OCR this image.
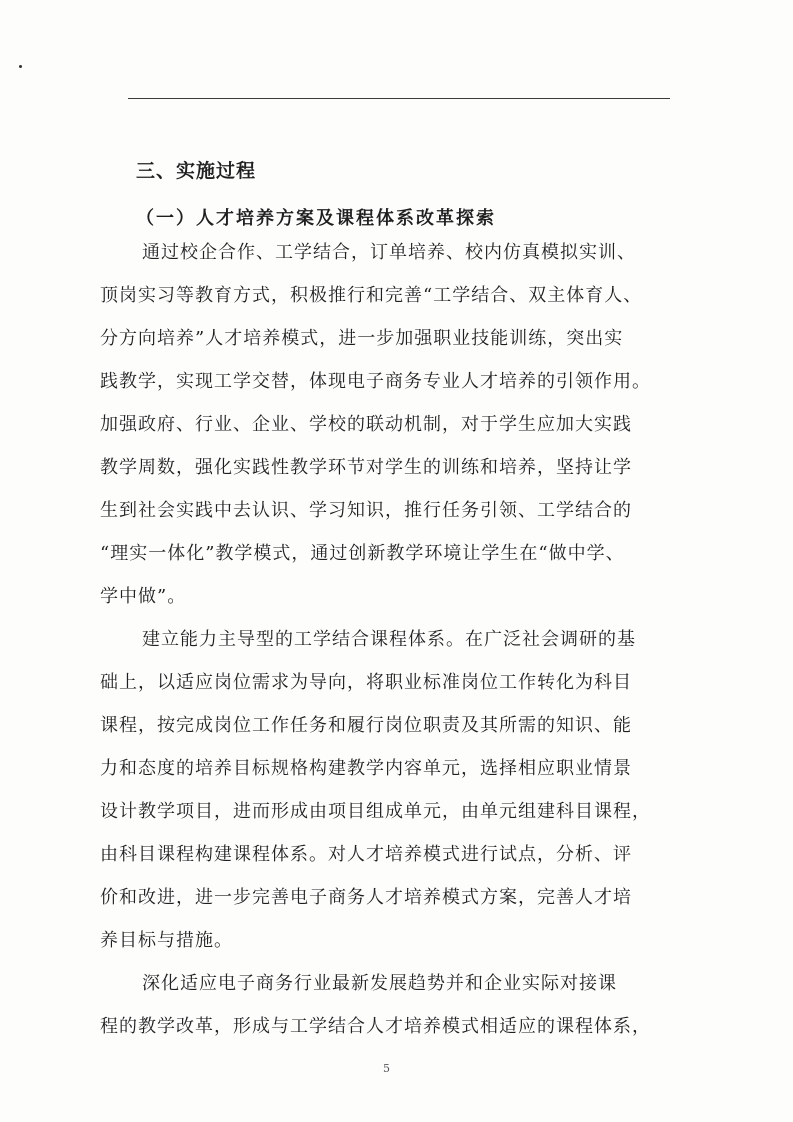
三、实施过程
（一）人才培养方案及课程体系改革探索
通过校企合作、工学结合，订单培养、校内仿真模拟实训、
顶岗实习等教育方式，积极推行和完善“工学结合、双主体育人、
分方向培养”人才培养模式，进一步加强职业技能训练，突出实
践教学，实现工学交替，体现电子商务专业人才培养的引领作用。
加强政府、行业、企业、学校的联动机制，对于学生应加大实践
教学周数，强化实践性教学环节对学生的训练和培养，坚持让学
生到社会实践中去认识、学习知识，推行任务引领、工学结合的
“理实一体化”教学模式，通过创新教学环境让学生在“做中学、
学中做”。
建立能力主导型的工学结合课程体系。在广泛社会调研的基
础上，以适应岗位需求为导向，将职业标准岗位工作转化为科目
课程，按完成岗位工作任务和履行岗位职责及其所需的知识、能
力和态度的培养目标规格构建教学内容单元，选择相应职业情景
设计教学项目，进而形成由项目组成单元，由单元组建科目课程，
由科目课程构建课程体系。对人才培养模式进行试点，分析、评
价和改进，进一步完善电子商务人才培养模式方案，完善人才培
养目标与措施。
深化适应电子商务行业最新发展趋势并和企业实际对接课
程的教学改革，形成与工学结合人才培养模式相适应的课程体系，
5
